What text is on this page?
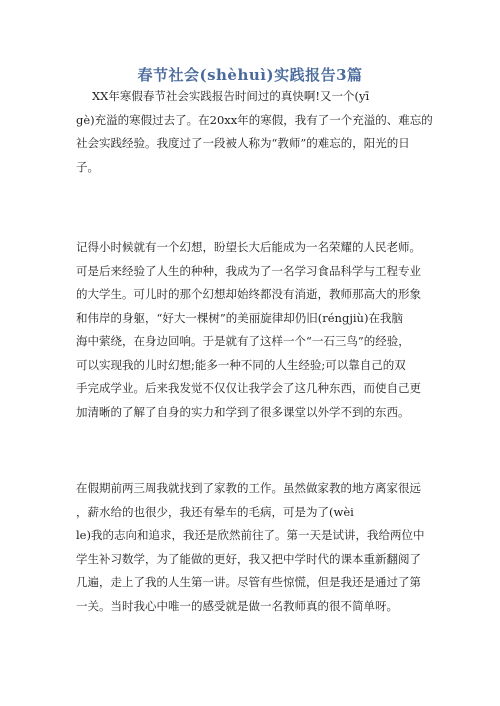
春节社会(shèhuì)实践报告3篇
XX年寒假春节社会实践报告时间过的真快啊!又一个(yī
gè)充溢的寒假过去了。在20xx年的寒假，我有了一个充溢的、难忘的
社会实践经验。我度过了一段被人称为“教师”的难忘的，阳光的日
子。
记得小时候就有一个幻想，盼望长大后能成为一名荣耀的人民老师。
可是后来经验了人生的种种，我成为了一名学习食品科学与工程专业
的大学生。可儿时的那个幻想却始终都没有消逝，教师那高大的形象
和伟岸的身躯，“好大一棵树”的美丽旋律却仍旧(réngjiù)在我脑
海中萦绕，在身边回响。于是就有了这样一个“一石三鸟”的经验，
可以实现我的儿时幻想;能多一种不同的人生经验;可以靠自己的双
手完成学业。后来我发觉不仅仅让我学会了这几种东西，而使自己更
加清晰的了解了自身的实力和学到了很多课堂以外学不到的东西。
在假期前两三周我就找到了家教的工作。虽然做家教的地方离家很远
，薪水给的也很少，我还有晕车的毛病，可是为了(wèi
le)我的志向和追求，我还是欣然前往了。第一天是试讲，我给两位中
学生补习数学，为了能做的更好，我又把中学时代的课本重新翻阅了
几遍，走上了我的人生第一讲。尽管有些惊慌，但是我还是通过了第
一关。当时我心中唯一的感受就是做一名教师真的很不简单呀。
